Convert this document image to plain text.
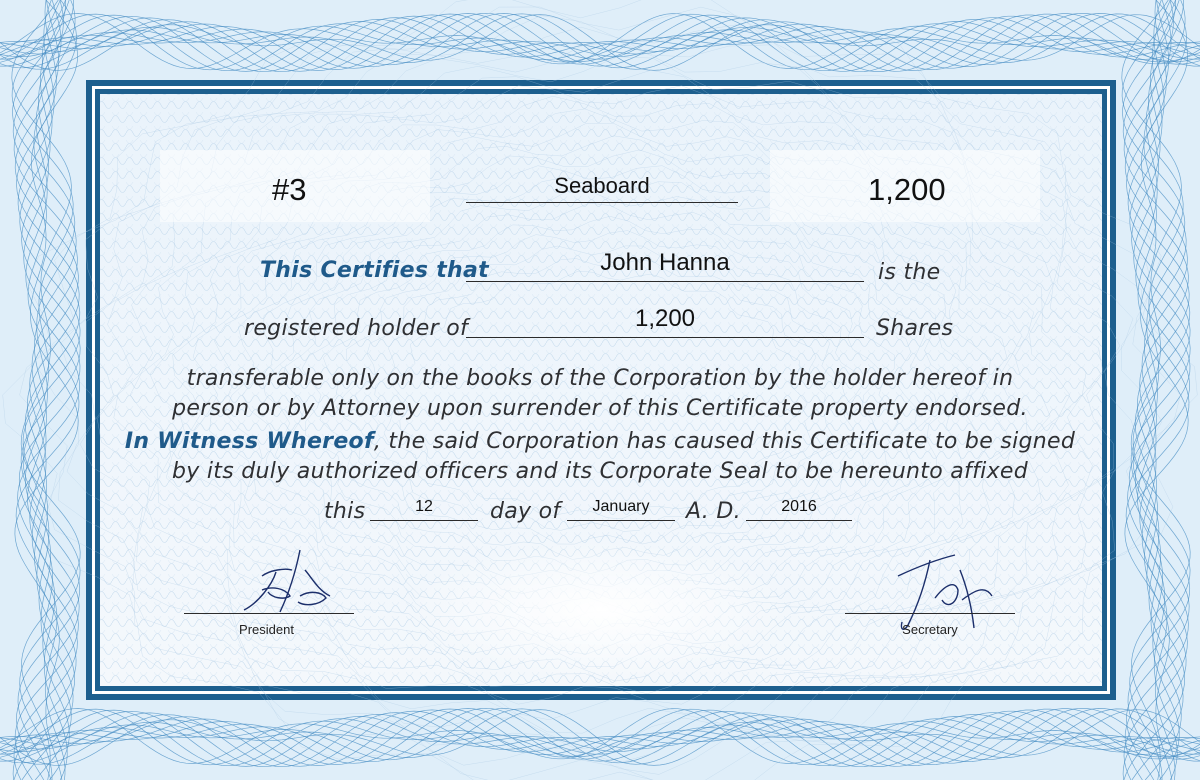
#3	Seaboard	1,200
This Certifies that	John Hanna	is the
registered holder of	1,200	Shares
transferable only on the books of the Corporation by the holder hereof in
person or by Attorney upon surrender of this Certificate property endorsed.
In Witness Whereof, the said Corporation has caused this Certificate to be signed
by its duly authorized officers and its Corporate Seal to be hereunto affixed
this	12	day of	January	A. D.	2016
President	Secretary
